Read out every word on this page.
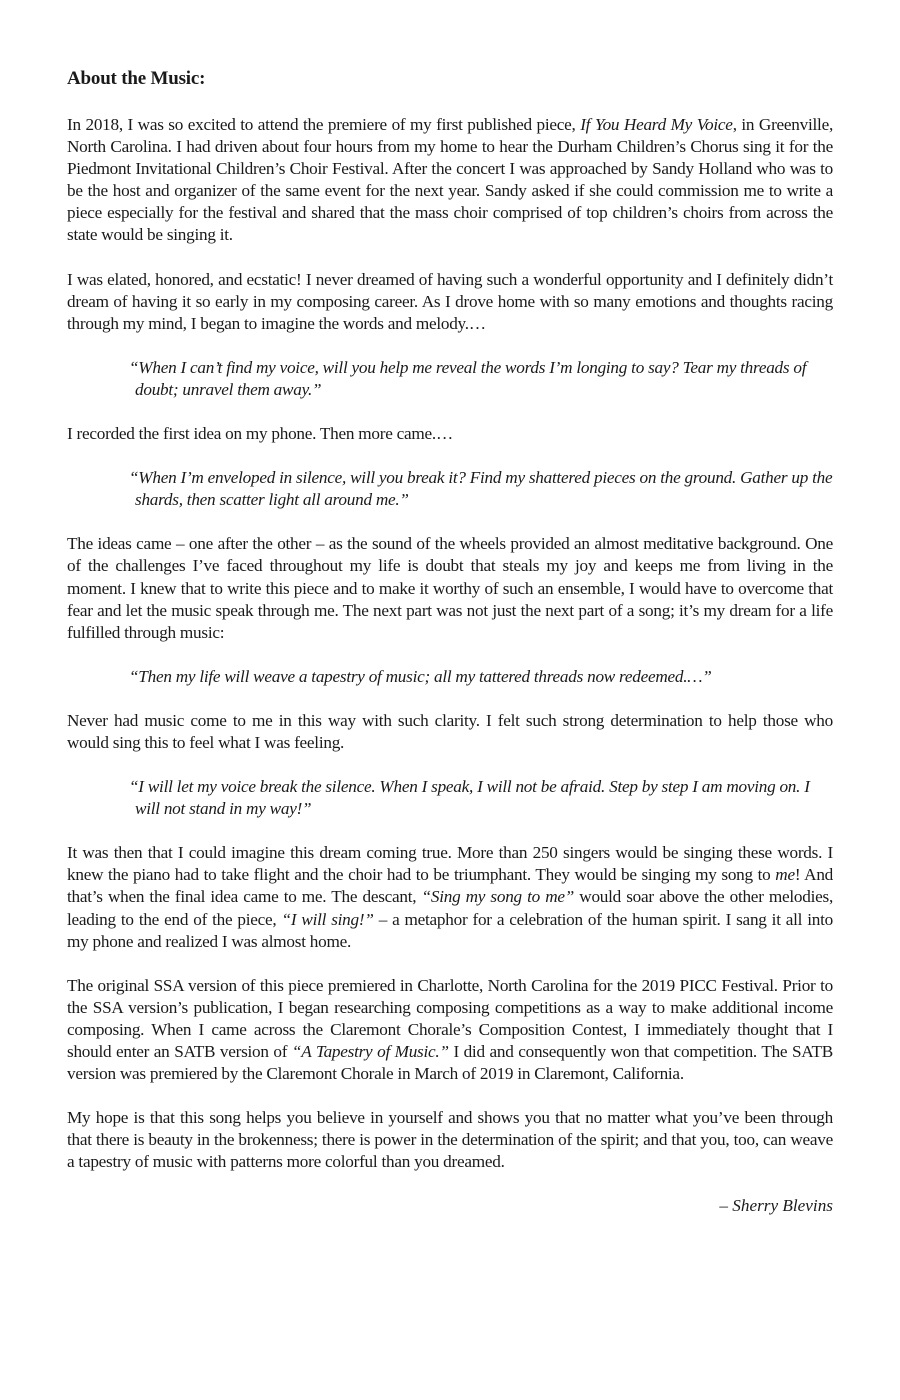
About the Music:

In 2018, I was so excited to attend the premiere of my first published piece, If You Heard My Voice, in Greenville, North Carolina. I had driven about four hours from my home to hear the Durham Children’s Chorus sing it for the Piedmont Invitational Children’s Choir Festival. After the concert I was approached by Sandy Holland who was to be the host and organizer of the same event for the next year. Sandy asked if she could commission me to write a piece especially for the festival and shared that the mass choir comprised of top children’s choirs from across the state would be singing it.

I was elated, honored, and ecstatic! I never dreamed of having such a wonderful opportunity and I definitely didn’t dream of having it so early in my composing career. As I drove home with so many emotions and thoughts racing through my mind, I began to imagine the words and melody.…

“When I can’t find my voice, will you help me reveal the words I’m longing to say? Tear my threads of doubt; unravel them away.”

I recorded the first idea on my phone. Then more came.…

“When I’m enveloped in silence, will you break it? Find my shattered pieces on the ground. Gather up the shards, then scatter light all around me.”

The ideas came – one after the other – as the sound of the wheels provided an almost meditative background. One of the challenges I’ve faced throughout my life is doubt that steals my joy and keeps me from living in the moment. I knew that to write this piece and to make it worthy of such an ensemble, I would have to overcome that fear and let the music speak through me. The next part was not just the next part of a song; it’s my dream for a life fulfilled through music:

“Then my life will weave a tapestry of music; all my tattered threads now redeemed.…”

Never had music come to me in this way with such clarity. I felt such strong determination to help those who would sing this to feel what I was feeling.

“I will let my voice break the silence. When I speak, I will not be afraid. Step by step I am moving on. I will not stand in my way!”

It was then that I could imagine this dream coming true. More than 250 singers would be singing these words. I knew the piano had to take flight and the choir had to be triumphant. They would be singing my song to me! And that’s when the final idea came to me. The descant, “Sing my song to me” would soar above the other melodies, leading to the end of the piece, “I will sing!” – a metaphor for a celebration of the human spirit. I sang it all into my phone and realized I was almost home.

The original SSA version of this piece premiered in Charlotte, North Carolina for the 2019 PICC Festival. Prior to the SSA version’s publication, I began researching composing competitions as a way to make additional income composing. When I came across the Claremont Chorale’s Composition Contest, I immediately thought that I should enter an SATB version of “A Tapestry of Music.” I did and consequently won that competition. The SATB version was premiered by the Claremont Chorale in March of 2019 in Claremont, California.

My hope is that this song helps you believe in yourself and shows you that no matter what you’ve been through that there is beauty in the brokenness; there is power in the determination of the spirit; and that you, too, can weave a tapestry of music with patterns more colorful than you dreamed.

– Sherry Blevins
